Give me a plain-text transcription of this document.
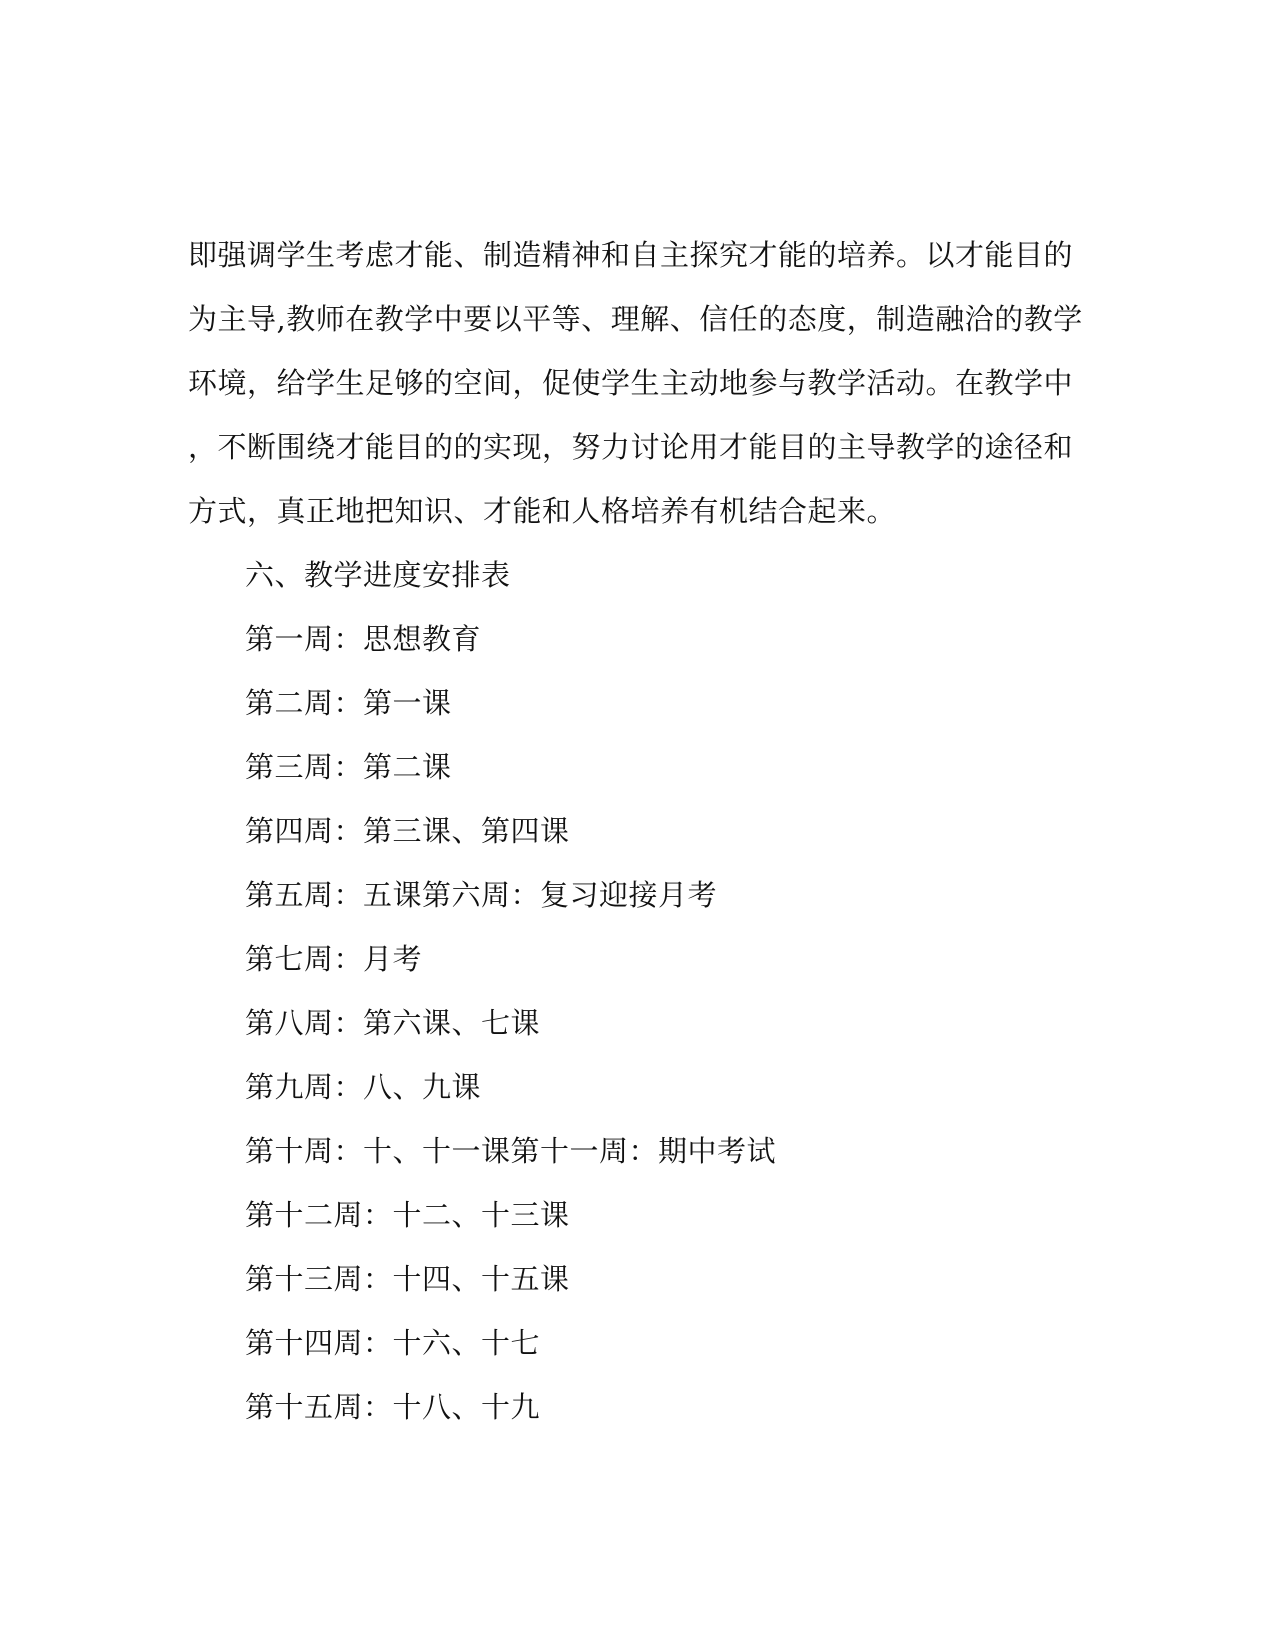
即强调学生考虑才能、制造精神和自主探究才能的培养。以才能目的
为主导,教师在教学中要以平等、理解、信任的态度，制造融洽的教学
环境，给学生足够的空间，促使学生主动地参与教学活动。在教学中
，不断围绕才能目的的实现，努力讨论用才能目的主导教学的途径和
方式，真正地把知识、才能和人格培养有机结合起来。
六、教学进度安排表
第一周：思想教育
第二周：第一课
第三周：第二课
第四周：第三课、第四课
第五周：五课第六周：复习迎接月考
第七周：月考
第八周：第六课、七课
第九周：八、九课
第十周：十、十一课第十一周：期中考试
第十二周：十二、十三课
第十三周：十四、十五课
第十四周：十六、十七
第十五周：十八、十九
